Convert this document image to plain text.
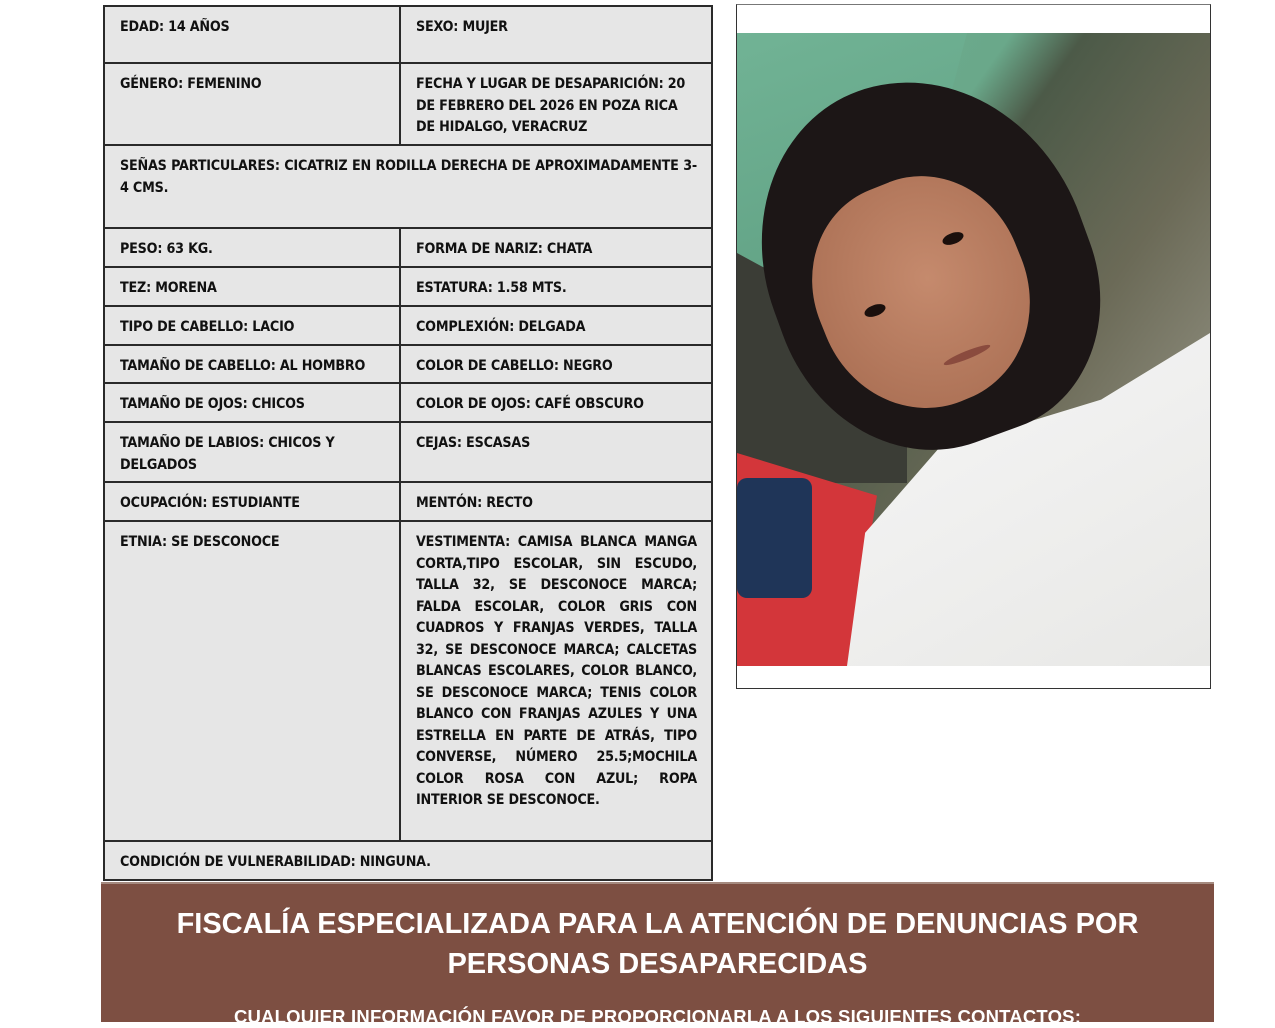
EDAD: 14 AÑOS	SEXO: MUJER
GÉNERO: FEMENINO	FECHA Y LUGAR DE DESAPARICIÓN: 20 DE FEBRERO DEL 2026 EN POZA RICA DE HIDALGO, VERACRUZ
SEÑAS PARTICULARES: CICATRIZ EN RODILLA DERECHA DE APROXIMADAMENTE 3-4 CMS.	
PESO: 63 KG.	FORMA DE NARIZ: CHATA
TEZ: MORENA	ESTATURA: 1.58 MTS.
TIPO DE CABELLO: LACIO	COMPLEXIÓN: DELGADA
TAMAÑO DE CABELLO: AL HOMBRO	COLOR DE CABELLO: NEGRO
TAMAÑO DE OJOS: CHICOS	COLOR DE OJOS: CAFÉ OBSCURO
TAMAÑO DE LABIOS: CHICOS Y DELGADOS	CEJAS: ESCASAS
OCUPACIÓN: ESTUDIANTE	MENTÓN: RECTO
ETNIA: SE DESCONOCE	VESTIMENTA: CAMISA BLANCA MANGA CORTA,TIPO ESCOLAR, SIN ESCUDO, TALLA 32, SE DESCONOCE MARCA; FALDA ESCOLAR, COLOR GRIS CON CUADROS Y FRANJAS VERDES, TALLA 32, SE DESCONOCE MARCA; CALCETAS BLANCAS ESCOLARES, COLOR BLANCO, SE DESCONOCE MARCA; TENIS COLOR BLANCO CON FRANJAS AZULES Y UNA ESTRELLA EN PARTE DE ATRÁS, TIPO CONVERSE, NÚMERO 25.5;MOCHILA COLOR ROSA CON AZUL; ROPA INTERIOR SE DESCONOCE.
CONDICIÓN DE VULNERABILIDAD: NINGUNA.	
FISCALÍA ESPECIALIZADA PARA LA ATENCIÓN DE DENUNCIAS POR PERSONAS DESAPARECIDAS
CUALQUIER INFORMACIÓN FAVOR DE PROPORCIONARLA A LOS SIGUIENTES CONTACTOS:
